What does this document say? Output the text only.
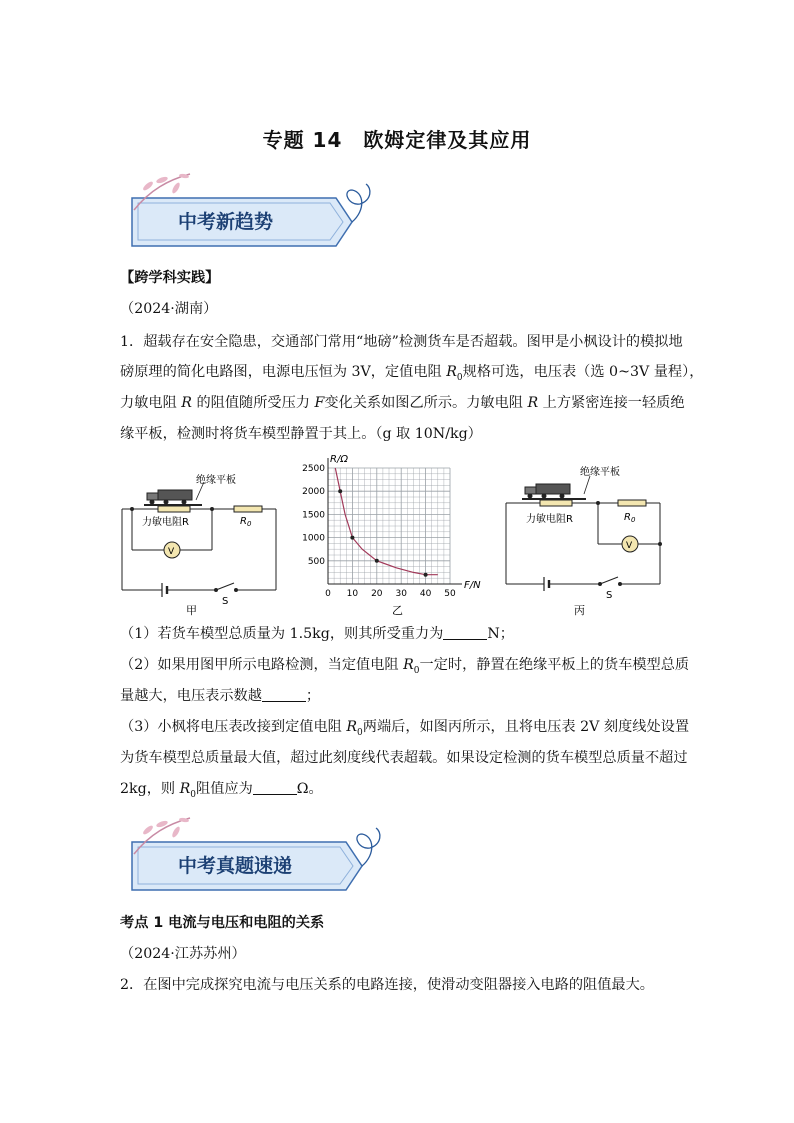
专题 14　欧姆定律及其应用
中考新趋势
【跨学科实践】
（2024·湖南）
1．超载存在安全隐患，交通部门常用“地磅”检测货车是否超载。图甲是小枫设计的模拟地
磅原理的简化电路图，电源电压恒为 3V，定值电阻 $R_0$规格可选，电压表（选 0~3V 量程），
力敏电阻 R 的阻值随所受压力 F变化关系如图乙所示。力敏电阻 R 上方紧密连接一轻质绝
缘平板，检测时将货车模型静置于其上。（g 取 10N/kg）
绝缘平板
力敏电阻R	$R_0$
V
S
甲
0 10 20 30 40 50
500
1000
1500
2000
2500
R/Ω
F/N
乙
绝缘平板
力敏电阻R	$R_0$
V
S
丙
（1）若货车模型总质量为 1.5kg，则其所受重力为	N；
（2）如果用图甲所示电路检测，当定值电阻 $R_0$一定时，静置在绝缘平板上的货车模型总质
量越大，电压表示数越	；
（3）小枫将电压表改接到定值电阻 $R_0$两端后，如图丙所示，且将电压表 2V 刻度线处设置
为货车模型总质量最大值，超过此刻度线代表超载。如果设定检测的货车模型总质量不超过
2kg，则 $R_0$阻值应为	Ω。
中考真题速递
考点 1 电流与电压和电阻的关系
（2024·江苏苏州）
2．在图中完成探究电流与电压关系的电路连接，使滑动变阻器接入电路的阻值最大。
